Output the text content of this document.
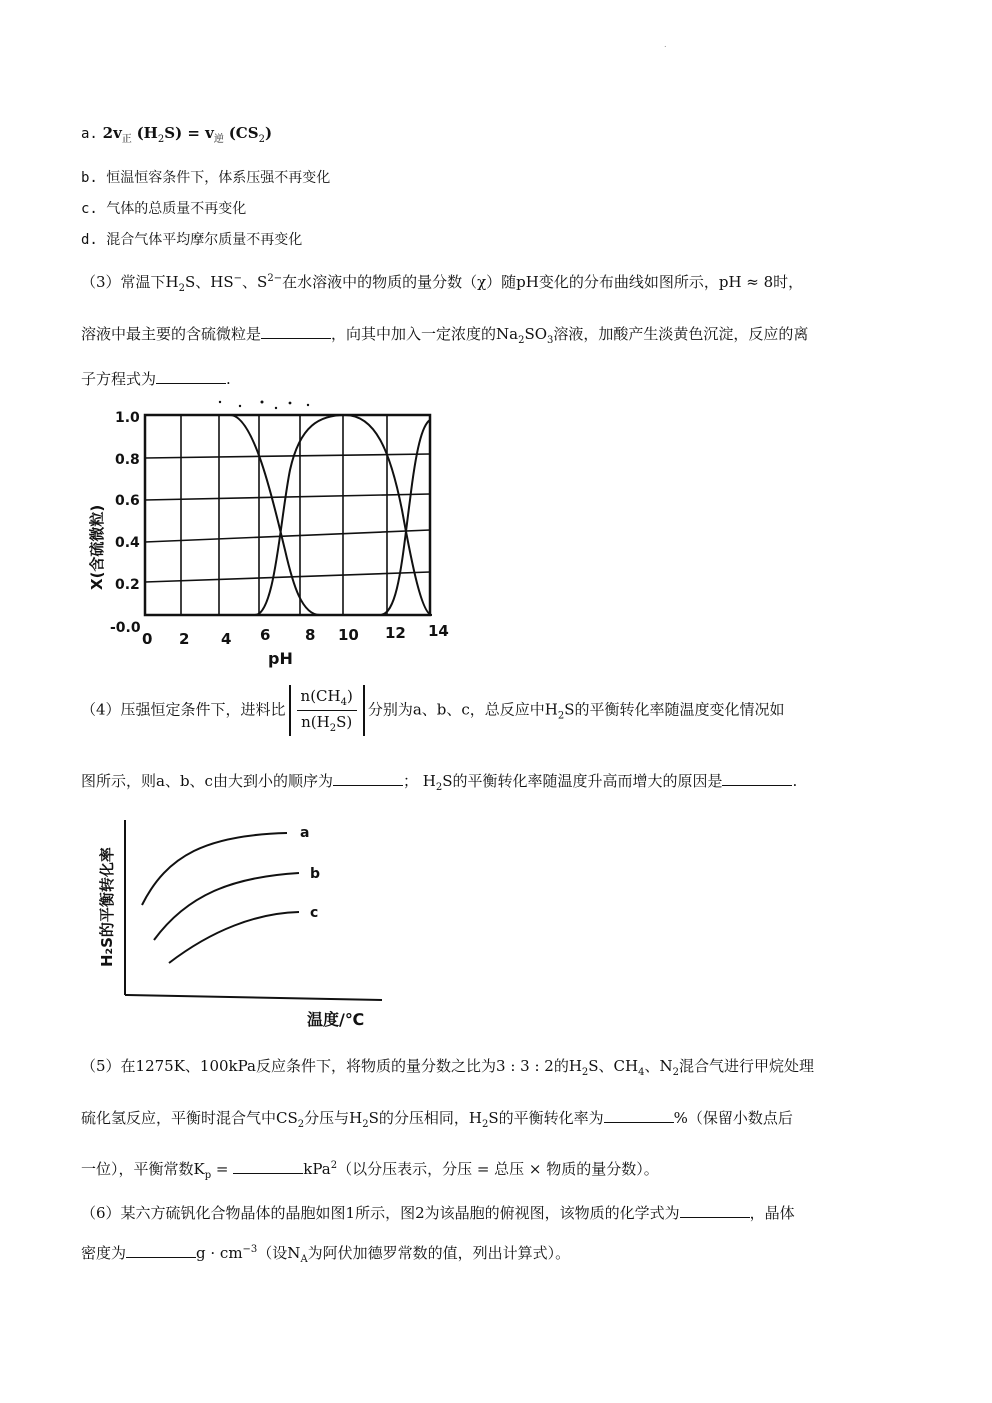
.
a. $2v_正$ $(H_2S) = v_逆$ $(CS_2)$
b. 恒温恒容条件下，体系压强不再变化
c. 气体的总质量不再变化
d. 混合气体平均摩尔质量不再变化
（3）常温下$H_2S$、HS−、$S^{2-}$在水溶液中的物质的量分数（χ）随pH变化的分布曲线如图所示，pH ≈ 8时，
溶液中最主要的含硫微粒是	，向其中加入一定浓度的$Na_2SO_3$溶液，加酸产生淡黄色沉淀，反应的离
子方程式为	.
1.0
0.8
0.6
0.4
0.2
-0.0
0 2 4 6 8 10 12 14
pH
X(含硫微粒)
（4）压强恒定条件下，进料比 $\frac{n(CH_4)}{n(H_2S)}$ 分别为a、b、c，总反应中$H_2S$的平衡转化率随温度变化情况如
图所示，则a、b、c由大到小的顺序为	； $H_2S$的平衡转化率随温度升高而增大的原因是	.
a
b
c
H₂S的平衡转化率
温度/℃
（5）在1275K、100kPa反应条件下，将物质的量分数之比为3 : 3 : 2的$H_2S$、$CH_4$、$N_2$混合气进行甲烷处理
硫化氢反应，平衡时混合气中$CS_2$分压与$H_2S$的分压相同，$H_2S$的平衡转化率为	%（保留小数点后
一位），平衡常数$K_p$ =	kPa$^2$（以分压表示，分压 = 总压 × 物质的量分数）。
（6）某六方硫钒化合物晶体的晶胞如图1所示，图2为该晶胞的俯视图，该物质的化学式为	，晶体
密度为	$g \cdot cm^{-3}$（设$N_A$为阿伏加德罗常数的值，列出计算式）。
